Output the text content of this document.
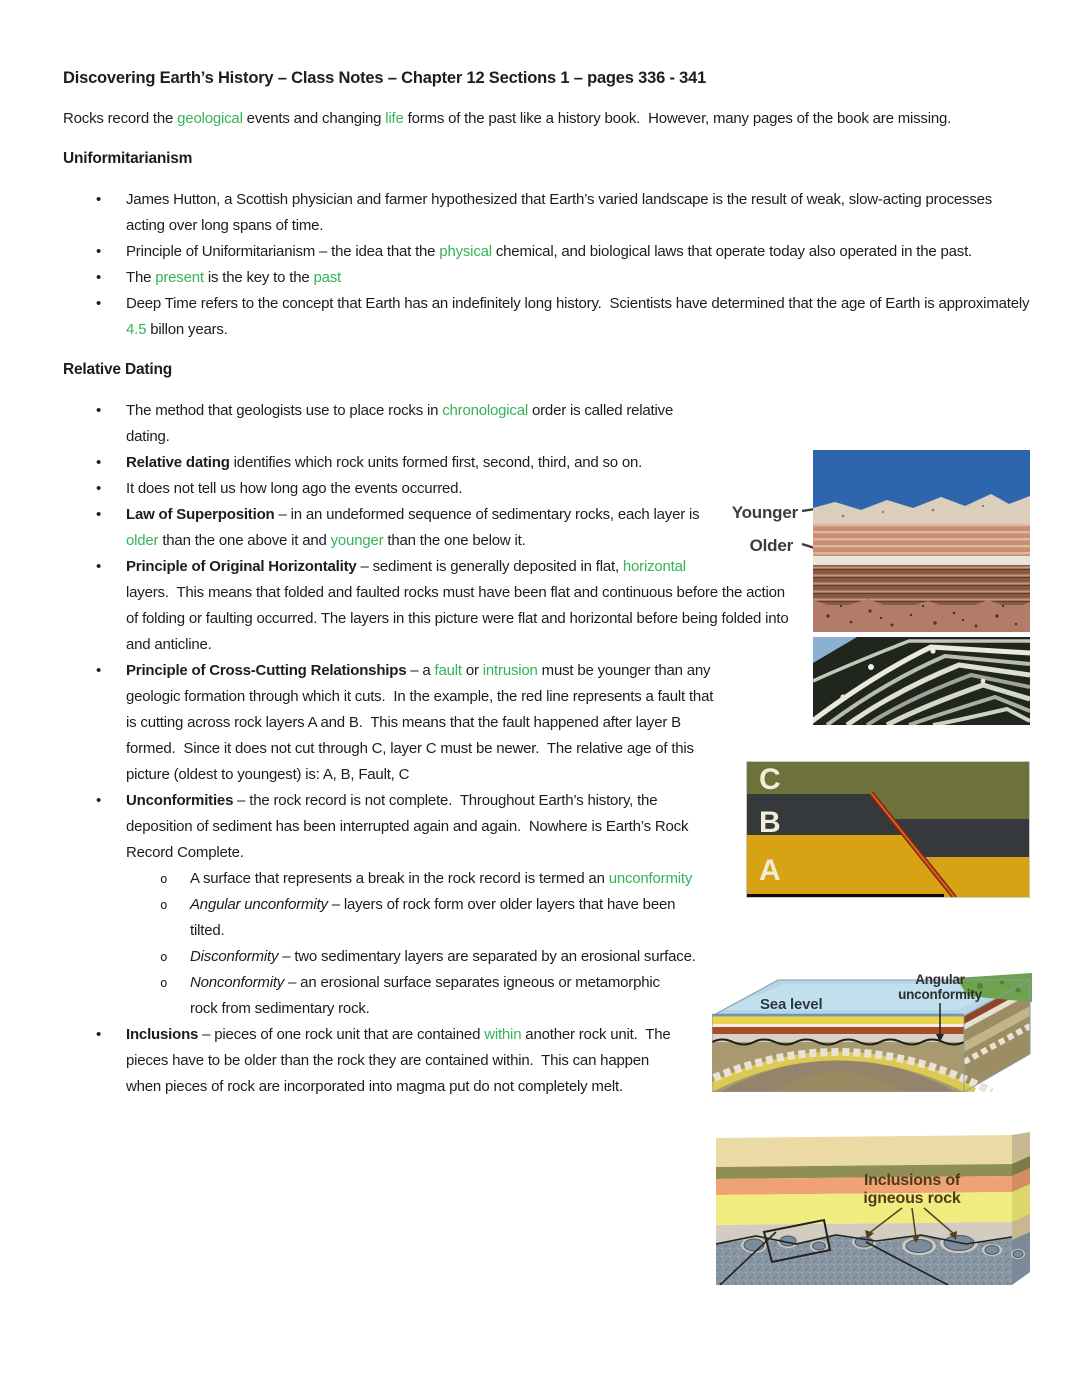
Discovering Earth’s History – Class Notes – Chapter 12 Sections 1 – pages 336 - 341

Rocks record the geological events and changing life forms of the past like a history book.  However, many pages of the book are missing.

Uniformitarianism
• James Hutton, a Scottish physician and farmer hypothesized that Earth’s varied landscape is the result of weak, slow-acting processes acting over long spans of time.
• Principle of Uniformitarianism – the idea that the physical chemical, and biological laws that operate today also operated in the past.
• The present is the key to the past
• Deep Time refers to the concept that Earth has an indefinitely long history.  Scientists have determined that the age of Earth is approximately 4.5 billon years.
Relative Dating
• The method that geologists use to place rocks in chronological order is called relative dating.
• Relative dating identifies which rock units formed first, second, third, and so on.
• It does not tell us how long ago the events occurred.
• Law of Superposition – in an undeformed sequence of sedimentary rocks, each layer is older than the one above it and younger than the one below it.
• Principle of Original Horizontality – sediment is generally deposited in flat, horizontal layers.  This means that folded and faulted rocks must have been flat and continuous before the action of folding or faulting occurred. The layers in this picture were flat and horizontal before being folded into and anticline.
• Principle of Cross-Cutting Relationships – a fault or intrusion must be younger than any geologic formation through which it cuts.  In the example, the red line represents a fault that is cutting across rock layers A and B.  This means that the fault happened after layer B formed.  Since it does not cut through C, layer C must be newer.  The relative age of this picture (oldest to youngest) is: A, B, Fault, C
• Unconformities – the rock record is not complete.  Throughout Earth’s history, the deposition of sediment has
been interrupted again and again.  Nowhere is Earth’s Rock Record Complete.
o A surface that represents a break in the rock record is termed an unconformity
o Angular unconformity – layers of rock form over older layers that have been tilted.
o Disconformity – two sedimentary layers are separated by an erosional surface.
o Nonconformity – an erosional surface separates igneous or metamorphic rock from sedimentary rock.
• Inclusions – pieces of one rock unit that are contained within another rock unit.  The pieces have to be older than the rock they are contained within.  This can happen when pieces of rock are incorporated into magma put do not completely melt.
Younger
Older
C
B
A
Sea level
Angular
unconformity
Inclusions of
igneous rock
